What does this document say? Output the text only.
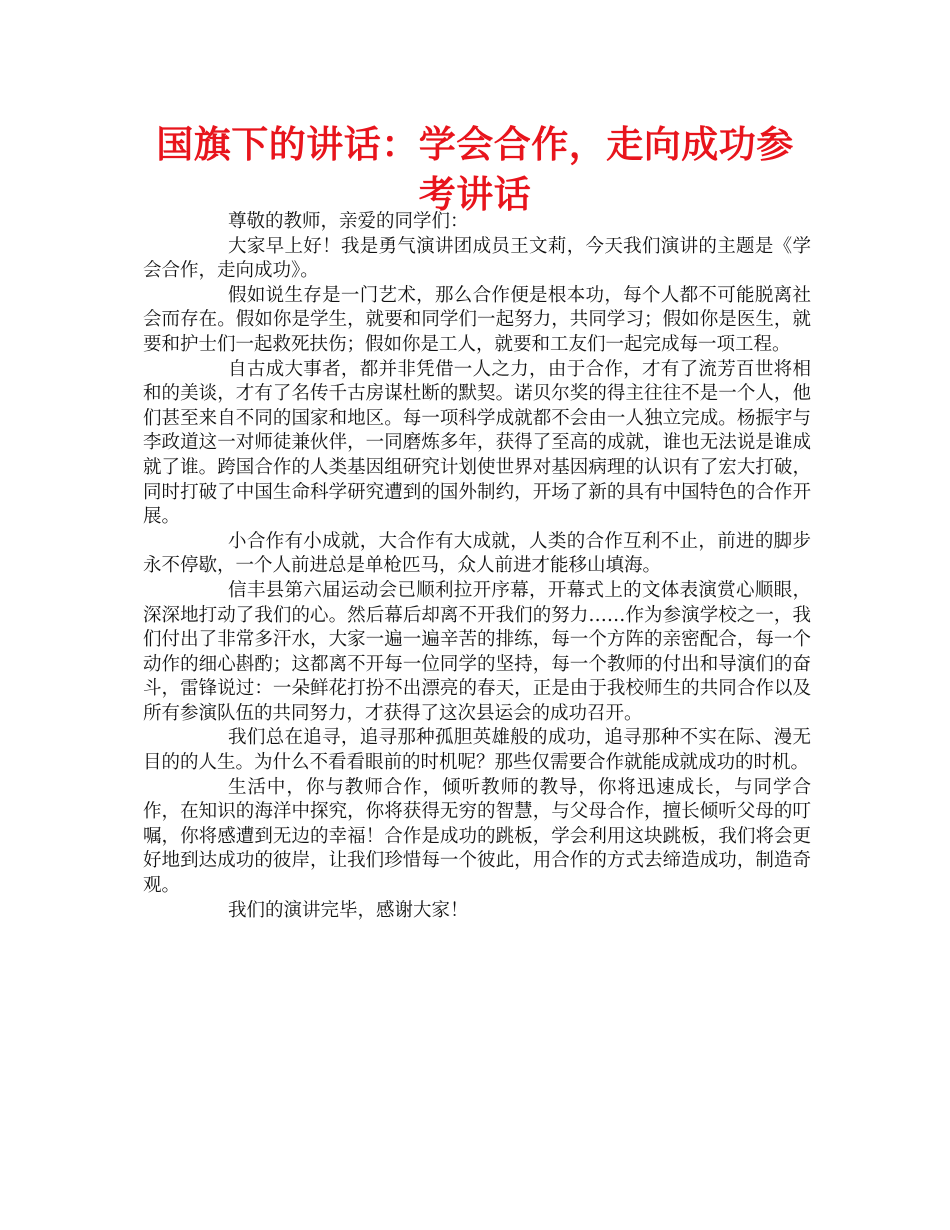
国旗下的讲话：学会合作，走向成功参考讲话

尊敬的教师，亲爱的同学们：

大家早上好！我是勇气演讲团成员王文莉，今天我们演讲的主题是《学会合作，走向成功》。

假如说生存是一门艺术，那么合作便是根本功，每个人都不可能脱离社会而存在。假如你是学生，就要和同学们一起努力，共同学习；假如你是医生，就要和护士们一起救死扶伤；假如你是工人，就要和工友们一起完成每一项工程。

自古成大事者，都并非凭借一人之力，由于合作，才有了流芳百世将相和的美谈，才有了名传千古房谋杜断的默契。诺贝尔奖的得主往往不是一个人，他们甚至来自不同的国家和地区。每一项科学成就都不会由一人独立完成。杨振宇与李政道这一对师徒兼伙伴，一同磨炼多年，获得了至高的成就，谁也无法说是谁成就了谁。跨国合作的人类基因组研究计划使世界对基因病理的认识有了宏大打破，同时打破了中国生命科学研究遭到的国外制约，开场了新的具有中国特色的合作开展。

小合作有小成就，大合作有大成就，人类的合作互利不止，前进的脚步永不停歇，一个人前进总是单枪匹马，众人前进才能移山填海。

信丰县第六届运动会已顺利拉开序幕，开幕式上的文体表演赏心顺眼，深深地打动了我们的心。然后幕后却离不开我们的努力……作为参演学校之一，我们付出了非常多汗水，大家一遍一遍辛苦的排练，每一个方阵的亲密配合，每一个动作的细心斟酌；这都离不开每一位同学的坚持，每一个教师的付出和导演们的奋斗，雷锋说过：一朵鲜花打扮不出漂亮的春天，正是由于我校师生的共同合作以及所有参演队伍的共同努力，才获得了这次县运会的成功召开。

我们总在追寻，追寻那种孤胆英雄般的成功，追寻那种不实在际、漫无目的的人生。为什么不看看眼前的时机呢？那些仅需要合作就能成就成功的时机。

生活中，你与教师合作，倾听教师的教导，你将迅速成长，与同学合作，在知识的海洋中探究，你将获得无穷的智慧，与父母合作，擅长倾听父母的叮嘱，你将感遭到无边的幸福！合作是成功的跳板，学会利用这块跳板，我们将会更好地到达成功的彼岸，让我们珍惜每一个彼此，用合作的方式去缔造成功，制造奇观。

我们的演讲完毕，感谢大家！
